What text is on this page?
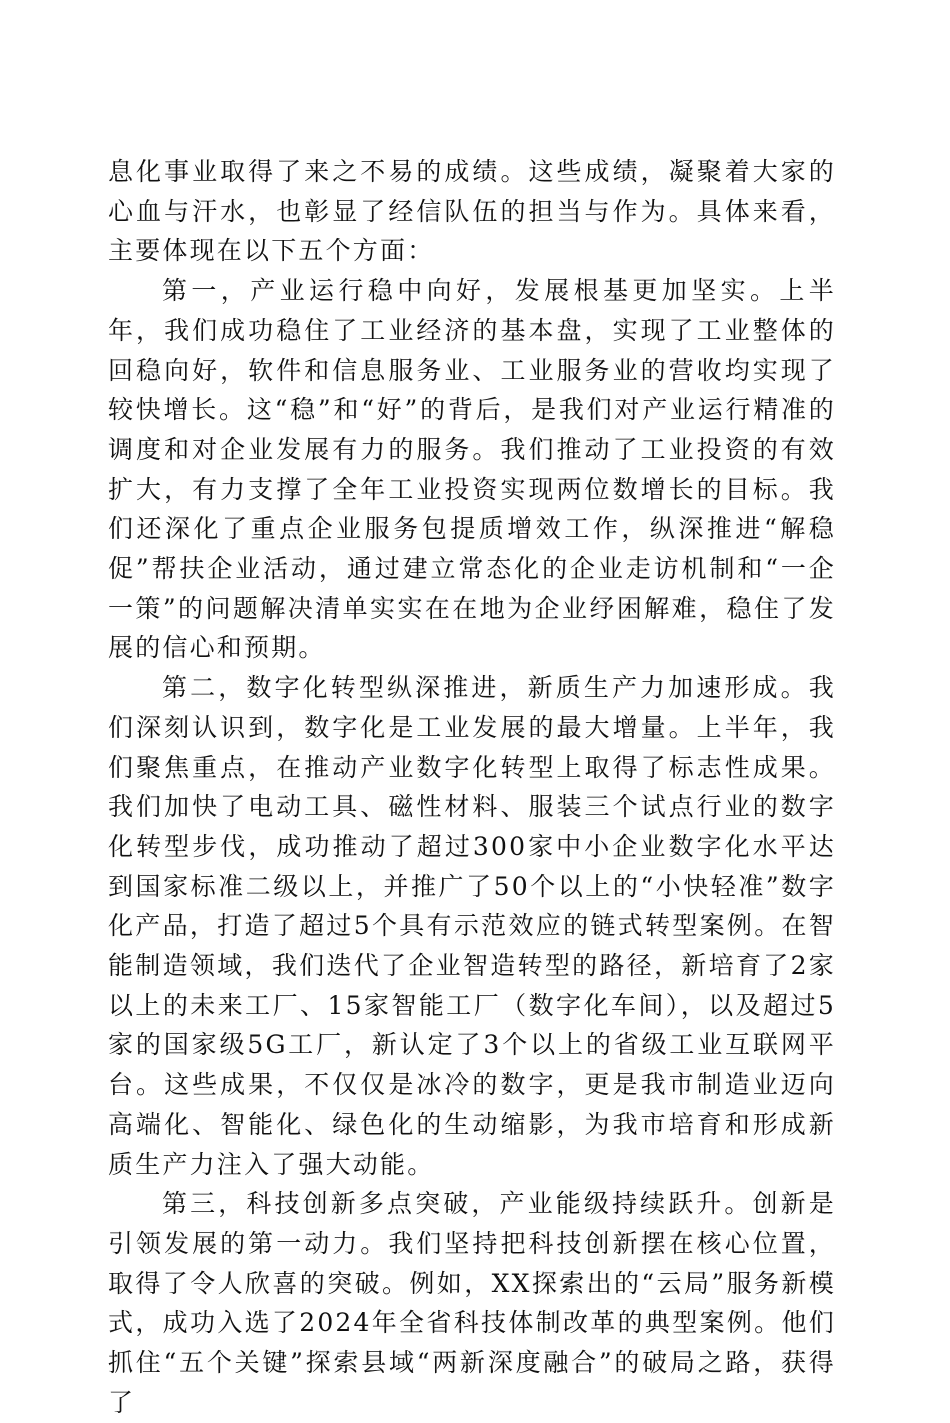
息化事业取得了来之不易的成绩。这些成绩，凝聚着大家的心血与汗水，也彰显了经信队伍的担当与作为。具体来看，主要体现在以下五个方面：

第一，产业运行稳中向好，发展根基更加坚实。上半年，我们成功稳住了工业经济的基本盘，实现了工业整体的回稳向好，软件和信息服务业、工业服务业的营收均实现了较快增长。这“稳”和“好”的背后，是我们对产业运行精准的调度和对企业发展有力的服务。我们推动了工业投资的有效扩大，有力支撑了全年工业投资实现两位数增长的目标。我们还深化了重点企业服务包提质增效工作，纵深推进“解稳促”帮扶企业活动，通过建立常态化的企业走访机制和“一企一策”的问题解决清单实实在在地为企业纾困解难，稳住了发展的信心和预期。

第二，数字化转型纵深推进，新质生产力加速形成。我们深刻认识到，数字化是工业发展的最大增量。上半年，我们聚焦重点，在推动产业数字化转型上取得了标志性成果。我们加快了电动工具、磁性材料、服装三个试点行业的数字化转型步伐，成功推动了超过300家中小企业数字化水平达到国家标准二级以上，并推广了50个以上的“小快轻准”数字化产品，打造了超过5个具有示范效应的链式转型案例。在智能制造领域，我们迭代了企业智造转型的路径，新培育了2家以上的未来工厂、15家智能工厂（数字化车间），以及超过5家的国家级5G工厂，新认定了3个以上的省级工业互联网平台。这些成果，不仅仅是冰冷的数字，更是我市制造业迈向高端化、智能化、绿色化的生动缩影，为我市培育和形成新质生产力注入了强大动能。

第三，科技创新多点突破，产业能级持续跃升。创新是引领发展的第一动力。我们坚持把科技创新摆在核心位置，取得了令人欣喜的突破。例如，XX探索出的“云局”服务新模式，成功入选了2024年全省科技体制改革的典型案例。他们抓住“五个关键”探索县域“两新深度融合”的破局之路，获得了
